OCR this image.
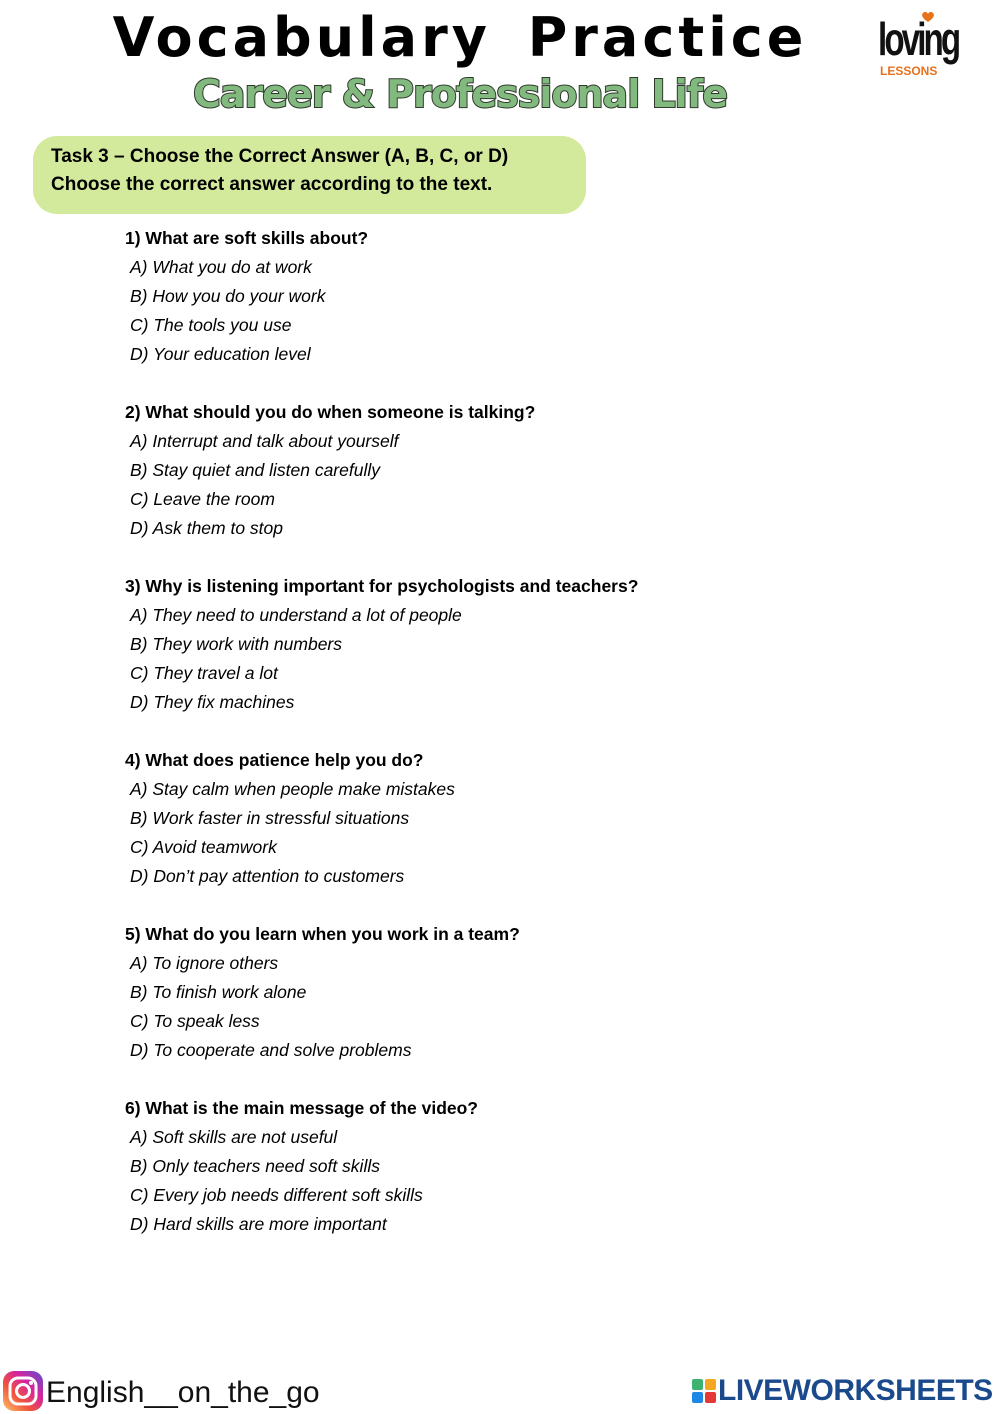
Vocabulary Practice
Career & Professional Life
loving
LESSONS
Task 3 – Choose the Correct Answer (A, B, C, or D)
Choose the correct answer according to the text.
1) What are soft skills about?
A) What you do at work
B) How you do your work
C) The tools you use
D) Your education level
2) What should you do when someone is talking?
A) Interrupt and talk about yourself
B) Stay quiet and listen carefully
C) Leave the room
D) Ask them to stop
3) Why is listening important for psychologists and teachers?
A) They need to understand a lot of people
B) They work with numbers
C) They travel a lot
D) They fix machines
4) What does patience help you do?
A) Stay calm when people make mistakes
B) Work faster in stressful situations
C) Avoid teamwork
D) Don’t pay attention to customers
5) What do you learn when you work in a team?
A) To ignore others
B) To finish work alone
C) To speak less
D) To cooperate and solve problems
6) What is the main message of the video?
A) Soft skills are not useful
B) Only teachers need soft skills
C) Every job needs different soft skills
D) Hard skills are more important
English__on_the_go	LIVEWORKSHEETS
